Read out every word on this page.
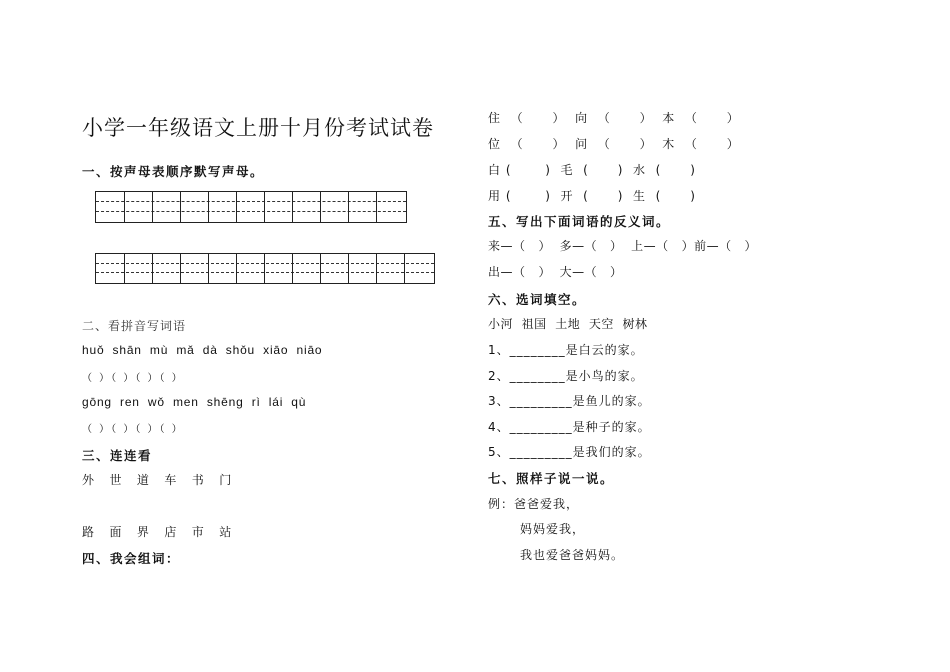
小学一年级语文上册十月份考试试卷
一、按声母表顺序默写声母。
二、看拼音写词语
huǒ shān mù mǎ dà shǒu xiāo niāo
（ ）（ ）（ ）（ ）
gōng ren wǒ men shēng rì lái qù
（ ）（ ）（ ）（ ）
三、连连看
外   世   道   车   书   门
路   面   界   店   市   站
四、我会组词：
住  （      ）  向  （      ）  本  （      ）
位  （      ）  问  （      ）  木  （      ）
白 (       )  毛  (      )  水  (      )
用 (       )  开  (      )  生  (      )
五、写出下面词语的反义词。
来—（   ）  多—（   ）  上—（   ）前—（   ）
出—（   ）  大—（   ）
六、选词填空。
小河  祖国  土地  天空  树林
1、________是白云的家。
2、________是小鸟的家。
3、_________是鱼儿的家。
4、_________是种子的家。
5、_________是我们的家。
七、照样子说一说。
例：爸爸爱我，
妈妈爱我，
我也爱爸爸妈妈。
